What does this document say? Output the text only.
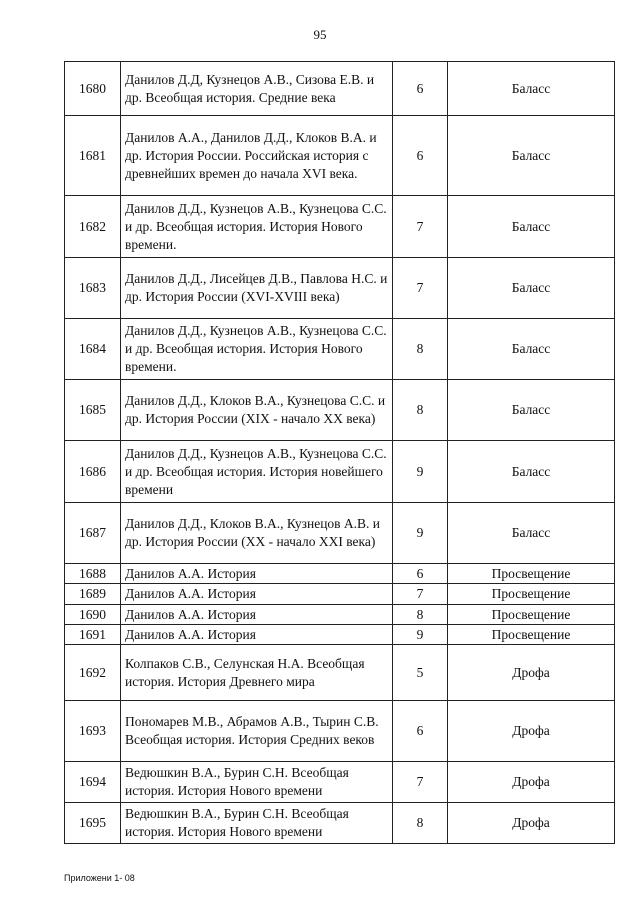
95
1680	Данилов Д.Д, Кузнецов А.В., Сизова Е.В. и др. Всеобщая история. Средние века	6	Баласс
1681	Данилов А.А., Данилов Д.Д., Клоков В.А. и др. История России. Российская история с древнейших времен до начала XVI века.	6	Баласс
1682	Данилов Д.Д., Кузнецов А.В., Кузнецова С.С. и др. Всеобщая история. История Нового времени.	7	Баласс
1683	Данилов Д.Д., Лисейцев Д.В., Павлова Н.С. и др. История России (XVI-XVIII века)	7	Баласс
1684	Данилов Д.Д., Кузнецов А.В., Кузнецова С.С. и др. Всеобщая история. История Нового времени.	8	Баласс
1685	Данилов Д.Д., Клоков В.А., Кузнецова С.С. и др. История России (XIX - начало XX века)	8	Баласс
1686	Данилов Д.Д., Кузнецов А.В., Кузнецова С.С. и др. Всеобщая история. История новейшего времени	9	Баласс
1687	Данилов Д.Д., Клоков В.А., Кузнецов А.В. и др. История России (XX - начало XXI века)	9	Баласс
1688	Данилов А.А. История	6	Просвещение
1689	Данилов А.А. История	7	Просвещение
1690	Данилов А.А. История	8	Просвещение
1691	Данилов А.А. История	9	Просвещение
1692	Колпаков С.В., Селунская Н.А. Всеобщая история. История Древнего мира	5	Дрофа
1693	Пономарев М.В., Абрамов А.В., Тырин С.В. Всеобщая история. История Средних веков	6	Дрофа
1694	Ведюшкин В.А., Бурин С.Н. Всеобщая история. История Нового времени	7	Дрофа
1695	Ведюшкин В.А., Бурин С.Н. Всеобщая история. История Нового времени	8	Дрофа
Приложени 1- 08
